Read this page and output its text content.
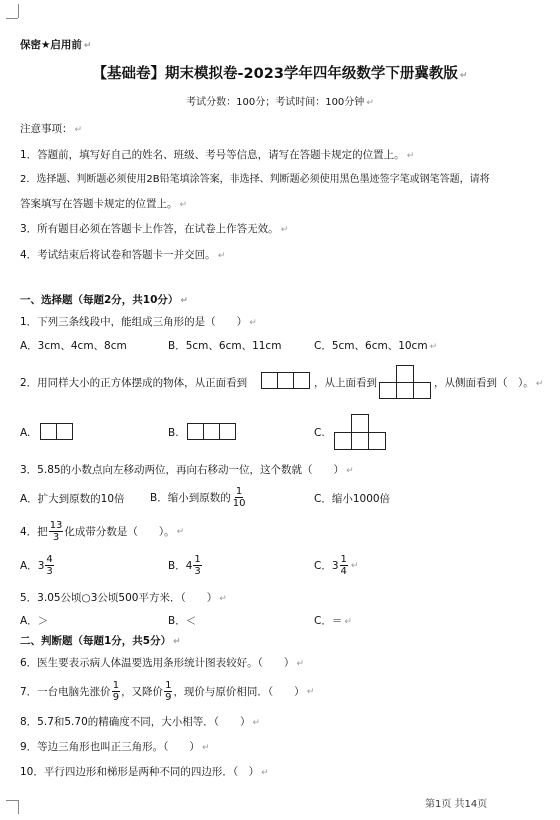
保密★启用前 ↵
【基础卷】期末模拟卷-2023学年四年级数学下册冀教版 ↵
考试分数：100分；考试时间：100分钟 ↵
注意事项： ↵
1．答题前，填写好自己的姓名、班级、考号等信息，请写在答题卡规定的位置上。 ↵
2．选择题、判断题必须使用2B铅笔填涂答案，非选择、判断题必须使用黑色墨迹签字笔或钢笔答题，请将
答案填写在答题卡规定的位置上。 ↵
3．所有题目必须在答题卡上作答，在试卷上作答无效。 ↵
4．考试结束后将试卷和答题卡一并交回。 ↵
一、选择题（每题2分，共10分） ↵
1．下列三条线段中，能组成三角形的是（　　） ↵
A．3cm、4cm、8cm	B．5cm、6cm、11cm	C．5cm、6cm、10cm ↵
2．用同样大小的正方体摆成的物体，从正面看到	，从上面看到	，从侧面看到（　）。 ↵
A.	B.	C.
3．5.85的小数点向左移动两位，再向右移动一位，这个数就（　　） ↵
A．扩大到原数的10倍 B．缩小到原数的 $\frac{1}{10}$	C．缩小1000倍
4．把 $\frac{13}{3}$ 化成带分数是（　　）。 ↵
A． $3 \frac{4}{3}$	B． $4 \frac{1}{3}$	C． $3 \frac{1}{4}$ ↵
5．3.05公顷○3公顷500平方米．（　　） ↵
A．＞	B．＜	C．＝ ↵
二、判断题（每题1分，共5分） ↵
6．医生要表示病人体温要选用条形统计图表较好。（　　） ↵
7．一台电脑先涨价 $\frac{1}{9}$ ，又降价 $\frac{1}{9}$ ，现价与原价相同．（　　） ↵
8．5.7和5.70的精确度不同，大小相等．（　　） ↵
9．等边三角形也叫正三角形。（　　） ↵
10．平行四边形和梯形是两种不同的四边形．（　） ↵
第1页 共14页
